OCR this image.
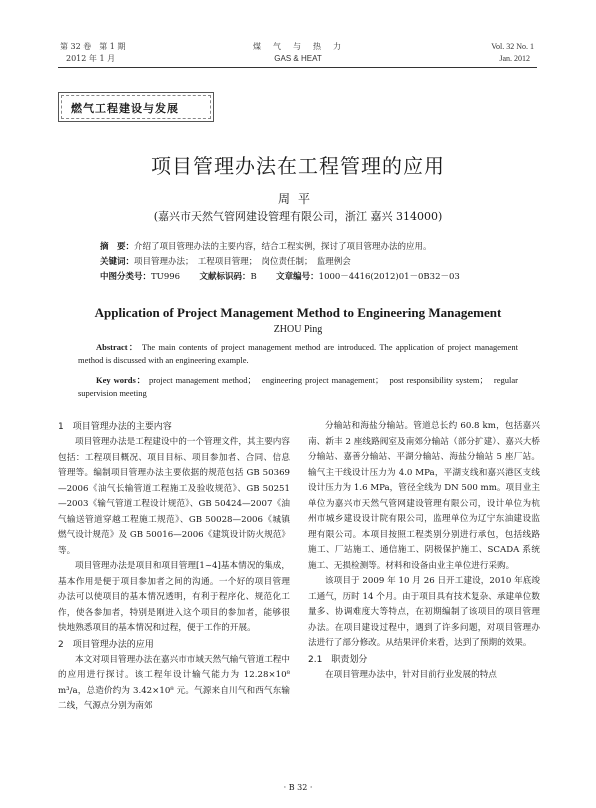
第 32 卷　第 1 期
2012 年 1 月
煤　气　与　热　力
GAS & HEAT
Vol. 32 No. 1
Jan. 2012
燃气工程建设与发展
项目管理办法在工程管理的应用
周平
(嘉兴市天然气管网建设管理有限公司，浙江 嘉兴 314000)
摘　要：介绍了项目管理办法的主要内容，结合工程实例，探讨了项目管理办法的应用。
关键词：项目管理办法；　工程项目管理；　岗位责任制；　监理例会
中图分类号：TU996 文献标识码：B 文章编号：1000－4416(2012)01－0B32－03
Application of Project Management Method to Engineering Management
ZHOU Ping
Abstract： The main contents of project management method are introduced. The application of project management method is discussed with an engineering example.
Key words： project management method；　engineering project management；　post responsibility system；　regular supervision meeting
1　项目管理办法的主要内容

项目管理办法是工程建设中的一个管理文件，其主要内容包括：工程项目概况、项目目标、项目参加者、合同、信息管理等。编制项目管理办法主要依据的规范包括 GB 50369—2006《油气长输管道工程施工及验收规范》、GB 50251—2003《输气管道工程设计规范》、GB 50424—2007《油气输送管道穿越工程施工规范》、GB 50028—2006《城镇燃气设计规范》及 GB 50016—2006《建筑设计防火规范》等。

项目管理办法是项目和项目管理[1~4]基本情况的集成，基本作用是便于项目参加者之间的沟通。一个好的项目管理办法可以使项目的基本情况透明，有利于程序化、规范化工作，使各参加者，特别是刚进入这个项目的参加者，能够很快地熟悉项目的基本情况和过程，便于工作的开展。

2　项目管理办法的应用

本文对项目管理办法在嘉兴市市域天然气输气管道工程中的应用进行探讨。该工程年设计输气能力为 12.28×10⁸ m³/a，总造价约为 3.42×10⁸ 元。气源来自川气和西气东输二线，气源点分别为南郊

分输站和海盐分输站。管道总长约 60.8 km，包括嘉兴南、新丰 2 座线路阀室及南郊分输站（部分扩建）、嘉兴大桥分输站、嘉善分输站、平湖分输站、海盐分输站 5 座厂站。输气主干线设计压力为 4.0 MPa，平湖支线和嘉兴港区支线设计压力为 1.6 MPa，管径全线为 DN 500 mm。项目业主单位为嘉兴市天然气管网建设管理有限公司，设计单位为杭州市城乡建设设计院有限公司，监理单位为辽宁东油建设监理有限公司。本项目按照工程类别分别进行承包，包括线路施工、厂站施工、通信施工、阴极保护施工、SCADA 系统施工、无损检测等。材料和设备由业主单位进行采购。

该项目于 2009 年 10 月 26 日开工建设，2010 年底竣工通气，历时 14 个月。由于项目具有技术复杂、承建单位数量多、协调难度大等特点，在初期编制了该项目的项目管理办法。在项目建设过程中，遇到了许多问题，对项目管理办法进行了部分修改。从结果评价来看，达到了预期的效果。

2.1　职责划分

在项目管理办法中，针对目前行业发展的特点

· B 32 ·
